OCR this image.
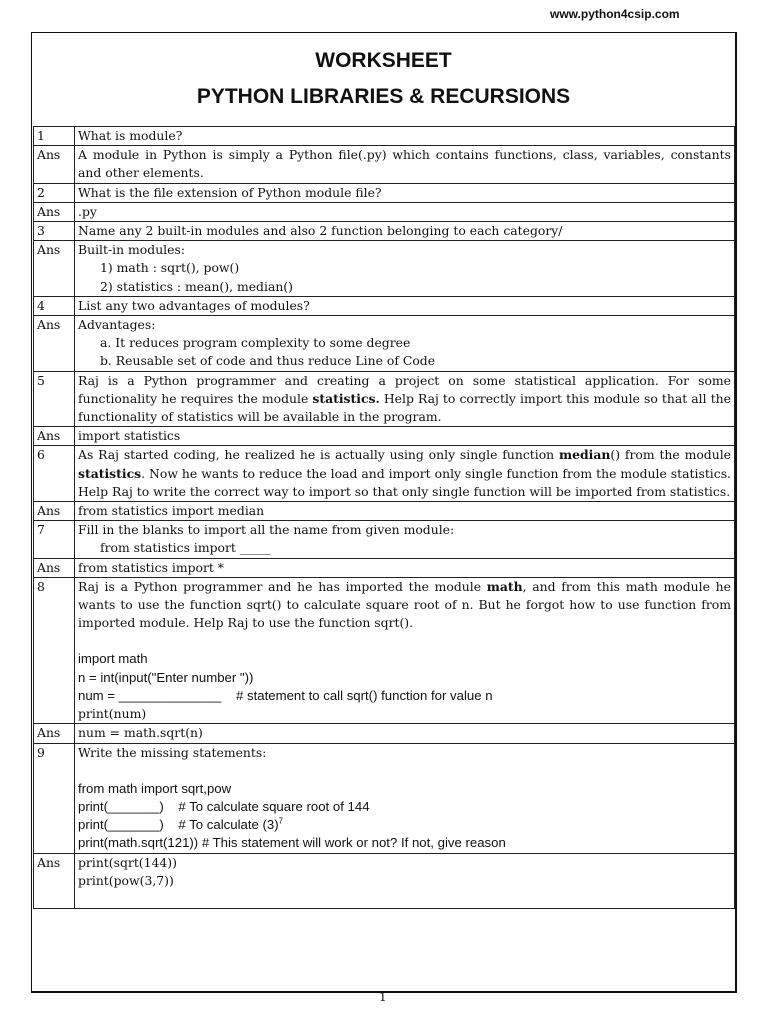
www.python4csip.com
WORKSHEET
PYTHON LIBRARIES & RECURSIONS
1	What is module?
Ans	A module in Python is simply a Python file(.py) which contains functions, class, variables, constants and other elements.
2	What is the file extension of Python module file?
Ans	.py
3	Name any 2 built-in modules and also 2 function belonging to each category/
Ans	Built-in modules:
1) math : sqrt(), pow()
2) statistics : mean(), median()

4	List any two advantages of modules?
Ans	Advantages:
a. It reduces program complexity to some degree
b. Reusable set of code and thus reduce Line of Code

5	Raj is a Python programmer and creating a project on some statistical application. For some functionality he requires the module statistics. Help Raj to correctly import this module so that all the functionality of statistics will be available in the program.
Ans	import statistics
6	As Raj started coding, he realized he is actually using only single function median() from the module statistics. Now he wants to reduce the load and import only single function from the module statistics. Help Raj to write the correct way to import so that only single function will be imported from statistics.
Ans	from statistics import median
7	Fill in the blanks to import all the name from given module:
from statistics import _____

Ans	from statistics import *
8	Raj is a Python programmer and he has imported the module math, and from this math module he wants to use the function sqrt() to calculate square root of n. But he forgot how to use function from imported module. Help Raj to use the function sqrt().
import math
n = int(input("Enter number "))
num = ______________    # statement to call sqrt() function for value n
print(num)

Ans	num = math.sqrt(n)
9	Write the missing statements:
from math import sqrt,pow
print(_______)    # To calculate square root of 144
print(_______)    # To calculate $(3)^7$
print(math.sqrt(121)) # This statement will work or not? If not, give reason

Ans	print(sqrt(144))
print(pow(3,7))
1
